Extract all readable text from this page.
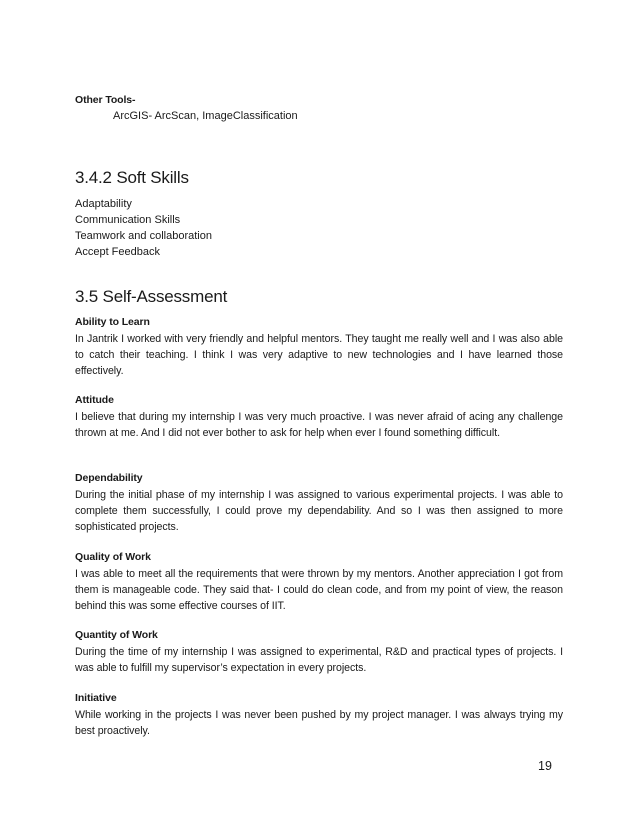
Other Tools-
ArcGIS- ArcScan, ImageClassification
3.4.2 Soft Skills
Adaptability
Communication Skills
Teamwork and collaboration
Accept Feedback
3.5 Self-Assessment
Ability to Learn
In Jantrik I worked with very friendly and helpful mentors. They taught me really well and I was also able to catch their teaching. I think I was very adaptive to new technologies and I have learned those effectively.
Attitude
I believe that during my internship I was very much proactive. I was never afraid of acing any challenge thrown at me. And I did not ever bother to ask for help when ever I found something difficult.
Dependability
During the initial phase of my internship I was assigned to various experimental projects. I was able to complete them successfully, I could prove my dependability. And so I was then assigned to more sophisticated projects.
Quality of Work
I was able to meet all the requirements that were thrown by my mentors. Another appreciation I got from them is manageable code. They said that- I could do clean code, and from my point of view, the reason behind this was some effective courses of IIT.
Quantity of Work
During the time of my internship I was assigned to experimental, R&D and practical types of projects. I was able to fulfill my supervisor’s expectation in every projects.
Initiative
While working in the projects I was never been pushed by my project manager. I was always trying my best proactively.
19
